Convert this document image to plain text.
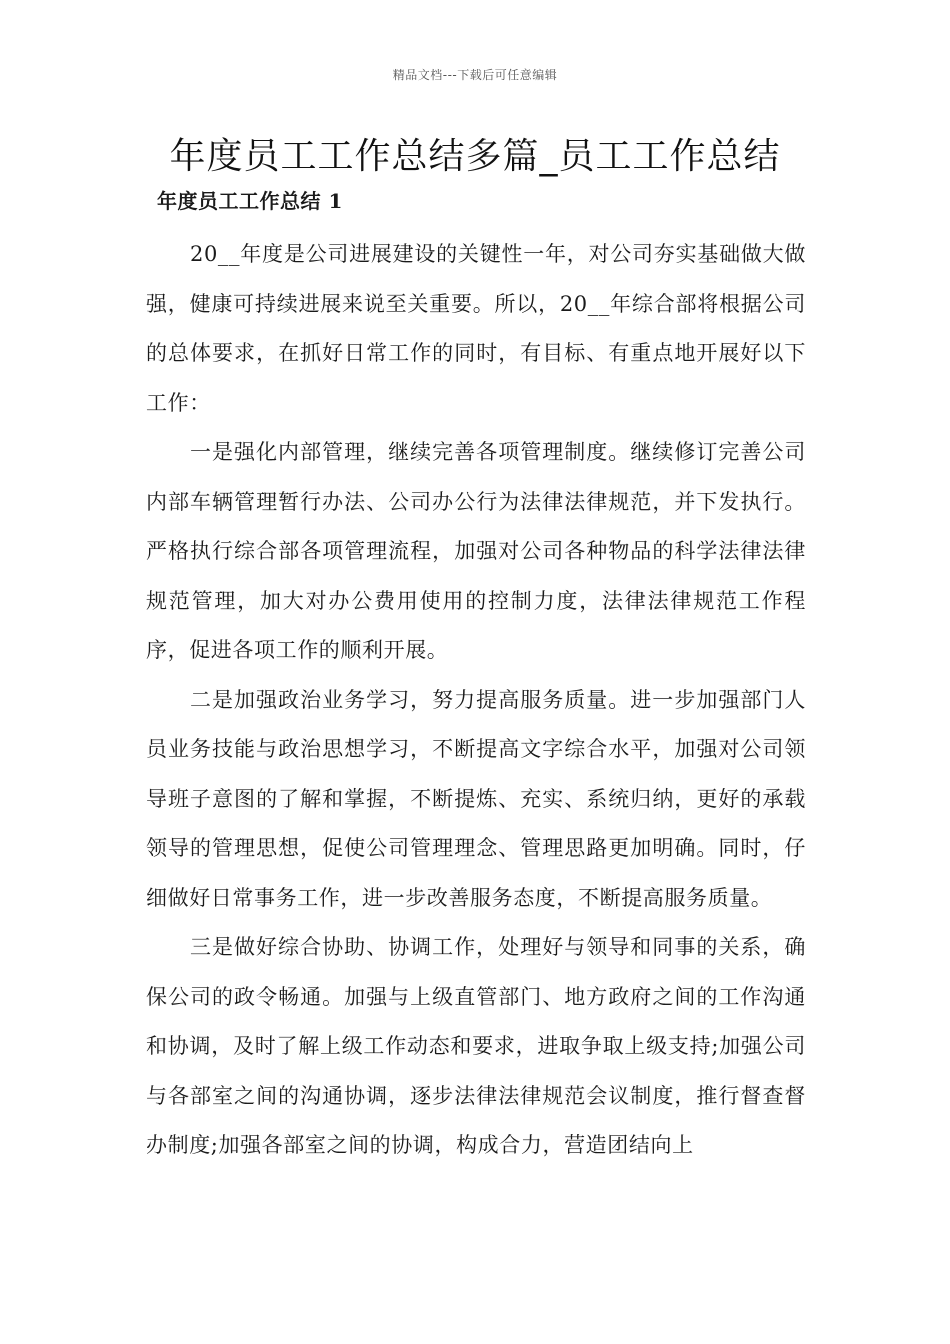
精品文档---下载后可任意编辑
年度员工工作总结多篇_员工工作总结
年度员工工作总结 1

20__年度是公司进展建设的关键性一年，对公司夯实基础做大做强，健康可持续进展来说至关重要。所以，20__年综合部将根据公司的总体要求，在抓好日常工作的同时，有目标、有重点地开展好以下工作：

一是强化内部管理，继续完善各项管理制度。继续修订完善公司内部车辆管理暂行办法、公司办公行为法律法律规范，并下发执行。严格执行综合部各项管理流程，加强对公司各种物品的科学法律法律规范管理，加大对办公费用使用的控制力度，法律法律规范工作程序，促进各项工作的顺利开展。

二是加强政治业务学习，努力提高服务质量。进一步加强部门人员业务技能与政治思想学习，不断提高文字综合水平，加强对公司领导班子意图的了解和掌握，不断提炼、充实、系统归纳，更好的承载领导的管理思想，促使公司管理理念、管理思路更加明确。同时，仔细做好日常事务工作，进一步改善服务态度，不断提高服务质量。

三是做好综合协助、协调工作，处理好与领导和同事的关系，确保公司的政令畅通。加强与上级直管部门、地方政府之间的工作沟通和协调，及时了解上级工作动态和要求，进取争取上级支持;加强公司与各部室之间的沟通协调，逐步法律法律规范会议制度，推行督查督办制度;加强各部室之间的协调，构成合力，营造团结向上
